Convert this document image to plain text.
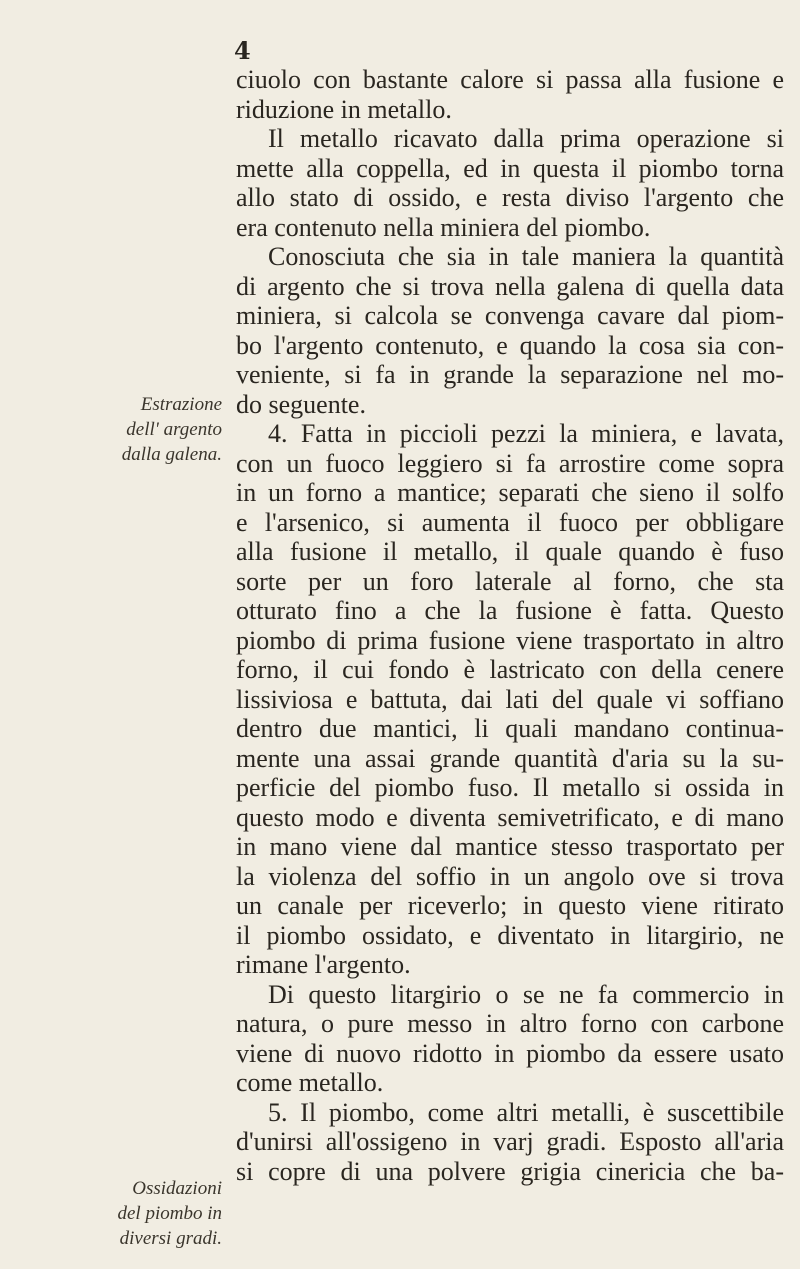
4
Estrazione
dell' argento
dalla galena.
Ossidazioni
del piombo in
diversi gradi.
ciuolo con bastante calore si passa alla fusione e
riduzione in metallo.
Il metallo ricavato dalla prima operazione si
mette alla coppella, ed in questa il piombo torna
allo stato di ossido, e resta diviso l'argento che
era contenuto nella miniera del piombo.
Conosciuta che sia in tale maniera la quantità
di argento che si trova nella galena di quella data
miniera, si calcola se convenga cavare dal piom-
bo l'argento contenuto, e quando la cosa sia con-
veniente, si fa in grande la separazione nel mo-
do seguente.
4. Fatta in piccioli pezzi la miniera, e lavata,
con un fuoco leggiero si fa arrostire come sopra
in un forno a mantice; separati che sieno il solfo
e l'arsenico, si aumenta il fuoco per obbligare
alla fusione il metallo, il quale quando è fuso
sorte per un foro laterale al forno, che sta
otturato fino a che la fusione è fatta. Questo
piombo di prima fusione viene trasportato in altro
forno, il cui fondo è lastricato con della cenere
lissiviosa e battuta, dai lati del quale vi soffiano
dentro due mantici, li quali mandano continua-
mente una assai grande quantità d'aria su la su-
perficie del piombo fuso. Il metallo si ossida in
questo modo e diventa semivetrificato, e di mano
in mano viene dal mantice stesso trasportato per
la violenza del soffio in un angolo ove si trova
un canale per riceverlo; in questo viene ritirato
il piombo ossidato, e diventato in litargirio, ne
rimane l'argento.
Di questo litargirio o se ne fa commercio in
natura, o pure messo in altro forno con carbone
viene di nuovo ridotto in piombo da essere usato
come metallo.
5. Il piombo, come altri metalli, è suscettibile
d'unirsi all'ossigeno in varj gradi. Esposto all'aria
si copre di una polvere grigia cinericia che ba-
